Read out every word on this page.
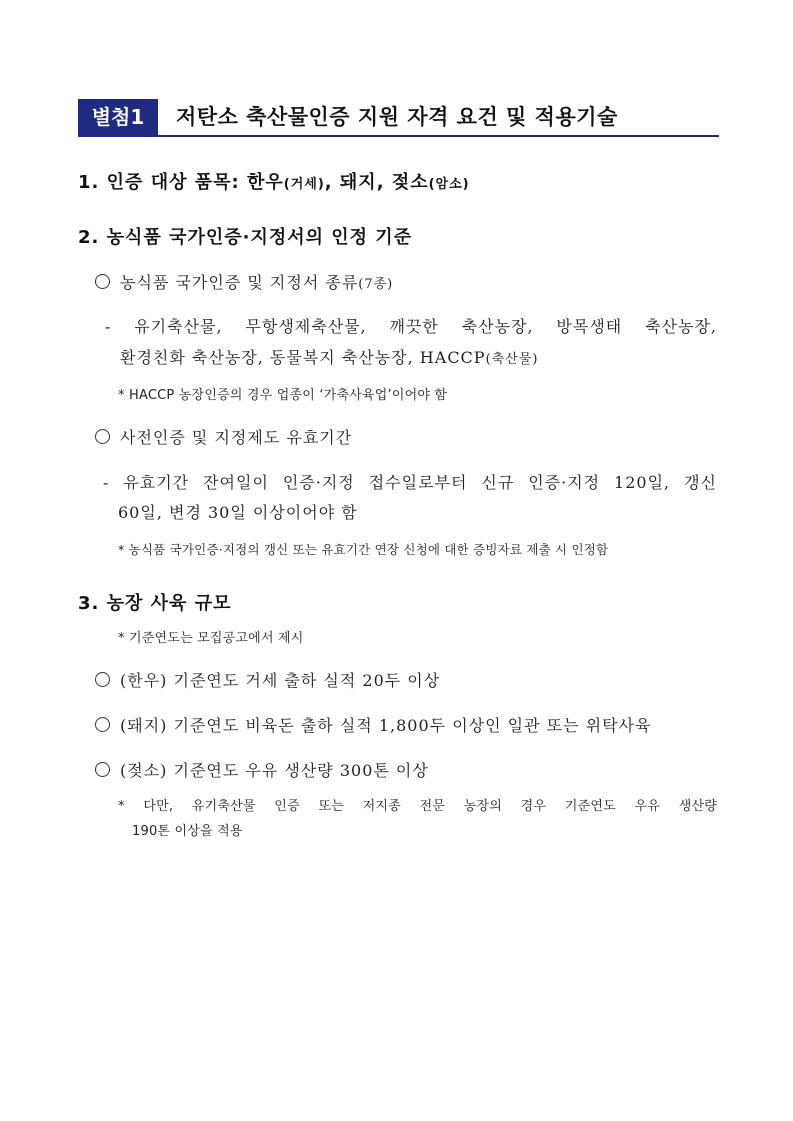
별첨1	저탄소 축산물인증 지원 자격 요건 및 적용기술
1. 인증 대상 품목: 한우(거세), 돼지, 젖소(암소)
2. 농식품 국가인증·지정서의 인정 기준
농식품 국가인증 및 지정서 종류(7종)
- 유기축산물, 무항생제축산물, 깨끗한 축산농장, 방목생태 축산농장,
환경친화 축산농장, 동물복지 축산농장, HACCP(축산물)
* HACCP 농장인증의 경우 업종이 ‘가축사육업’이어야 함
사전인증 및 지정제도 유효기간
- 유효기간 잔여일이 인증·지정 접수일로부터 신규 인증·지정 120일, 갱신
60일, 변경 30일 이상이어야 함
* 농식품 국가인증·지정의 갱신 또는 유효기간 연장 신청에 대한 증빙자료 제출 시 인정함
3. 농장 사육 규모
* 기준연도는 모집공고에서 제시
(한우) 기준연도 거세 출하 실적 20두 이상
(돼지) 기준연도 비육돈 출하 실적 1,800두 이상인 일관 또는 위탁사육
(젖소) 기준연도 우유 생산량 300톤 이상
* 다만, 유기축산물 인증 또는 저지종 전문 농장의 경우 기준연도 우유 생산량
190톤 이상을 적용
